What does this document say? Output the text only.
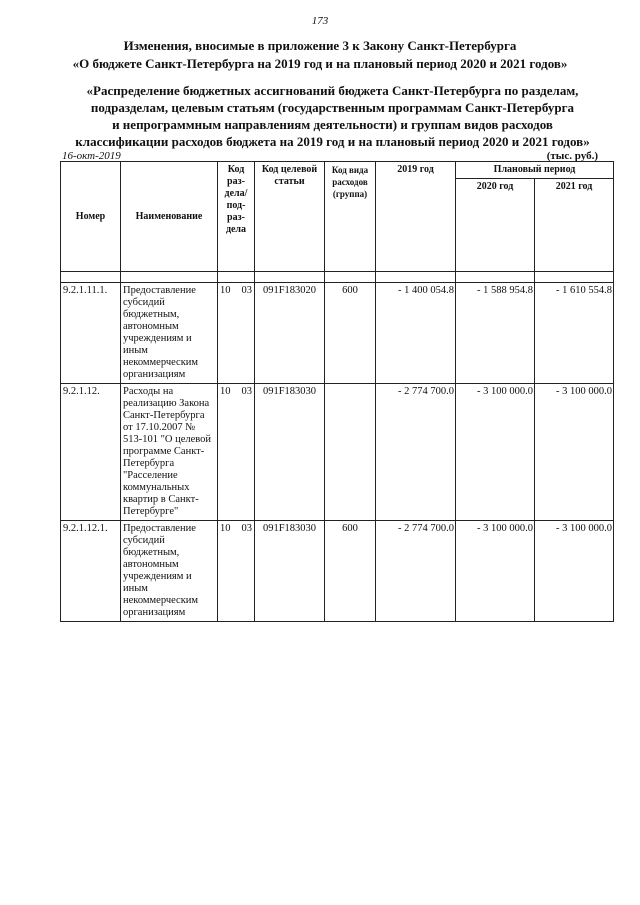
173
Изменения, вносимые в приложение 3 к Закону Санкт-Петербурга
«О бюджете Санкт-Петербурга на 2019 год и на плановый период 2020 и 2021 годов»
«Распределение бюджетных ассигнований бюджета Санкт-Петербурга по разделам,
подразделам, целевым статьям (государственным программам Санкт-Петербурга
и непрограммным направлениям деятельности) и группам видов расходов
классификации расходов бюджета на 2019 год и на плановый период 2020 и 2021 годов»
16-окт-2019	(тыс. руб.)
Номер	Наименование	Код раз-дела/ под-раз-дела	Код целевой статьи	Код вида расходов (группа)	2019 год	Плановый период	
						2020 год	2021 год

9.2.1.11.1.	Предоставление субсидий бюджетным, автономным учреждениям и иным некоммерческим организациям	10 03	091F183020	600	- 1 400 054.8	- 1 588 954.8	- 1 610 554.8
9.2.1.12.	Расходы на реализацию Закона Санкт-Петербурга от 17.10.2007 № 513-101 "О целевой программе Санкт-Петербурга "Расселение коммунальных квартир в Санкт-Петербурге"	10 03	091F183030		- 2 774 700.0	- 3 100 000.0	- 3 100 000.0
9.2.1.12.1.	Предоставление субсидий бюджетным, автономным учреждениям и иным некоммерческим организациям	10 03	091F183030	600	- 2 774 700.0	- 3 100 000.0	- 3 100 000.0
